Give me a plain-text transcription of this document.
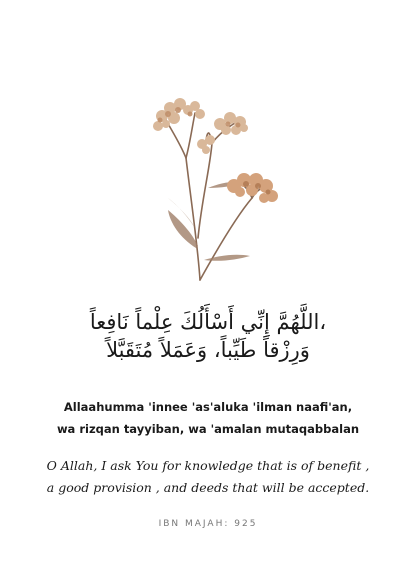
،اللَّهُمَّ إِنِّي أَسْأَلُكَ عِلْماً نَافِعاً
وَرِزْقاً طَيِّباً، وَعَمَلاً مُتَقَبَّلاً
Allaahumma 'innee 'as'aluka 'ilman naafi'an,
wa rizqan tayyiban, wa 'amalan mutaqabbalan
O Allah, I ask You for knowledge that is of benefit ,
a good provision , and deeds that will be accepted.
IBN MAJAH: 925
